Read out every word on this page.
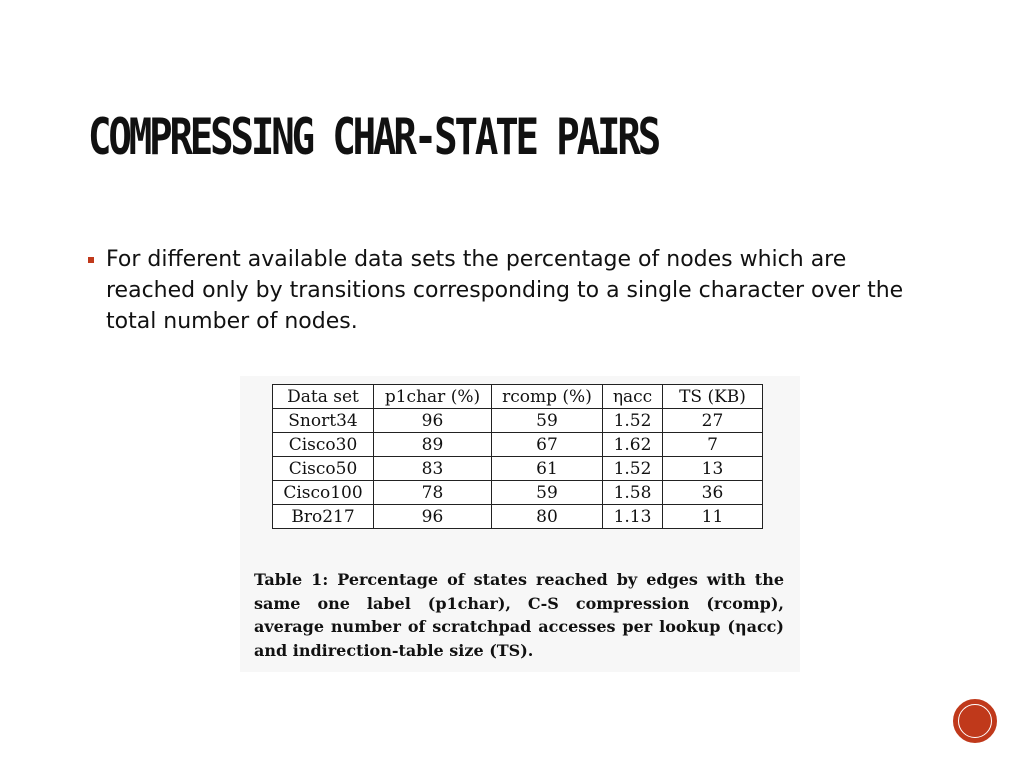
COMPRESSING CHAR-STATE PAIRS
For different available data sets the percentage of nodes which are reached only by transitions corresponding to a single character over the total number of nodes.
Data set	p1char (%)	rcomp (%)	ηacc	TS (KB)
Snort34	96	59	1.52	27
Cisco30	89	67	1.62	7
Cisco50	83	61	1.52	13
Cisco100	78	59	1.58	36
Bro217	96	80	1.13	11
Table 1: Percentage of states reached by edges with the same one label (p1char), C-S compression (rcomp), average number of scratchpad accesses per lookup (ηacc) and indirection-table size (TS).
